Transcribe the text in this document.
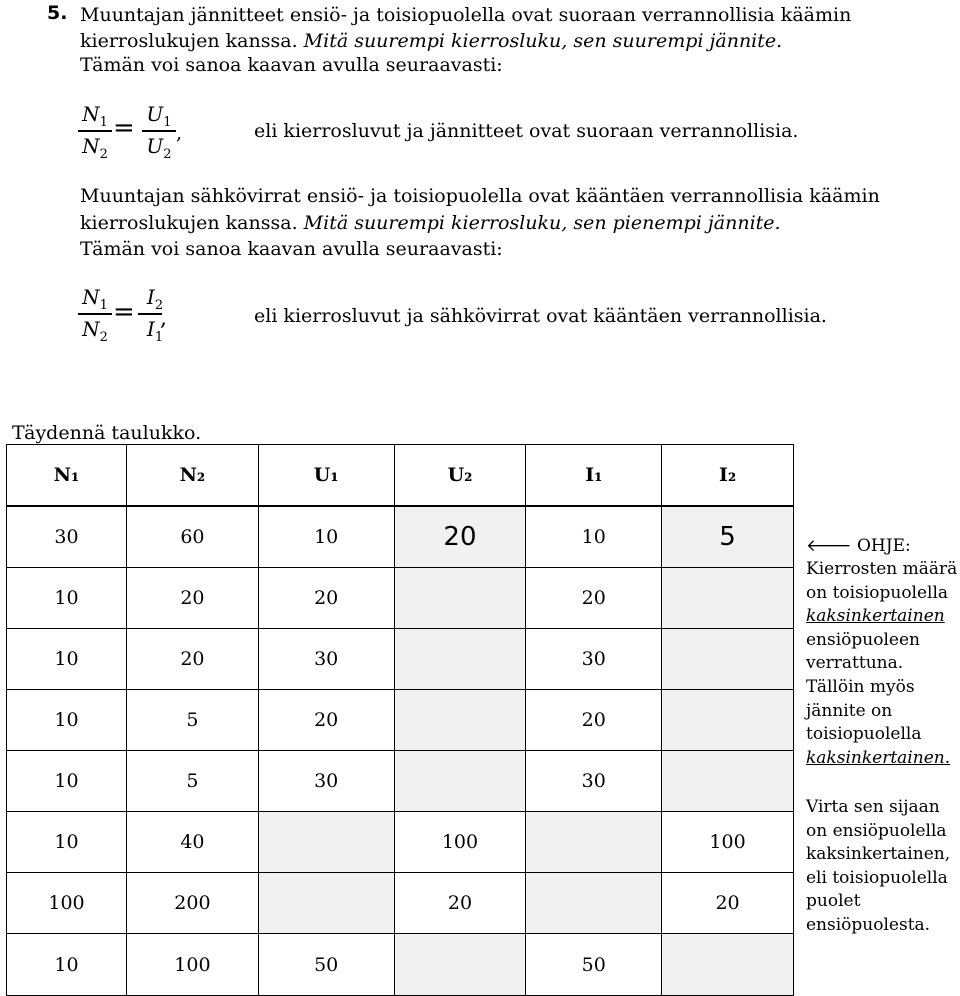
5. Muuntajan jännitteet ensiö- ja toisiopuolella ovat suoraan verrannollisia käämin
kierroslukujen kanssa. Mitä suurempi kierrosluku, sen suurempi jännite.
Tämän voi sanoa kaavan avulla seuraavasti:
$N_1$
$N_2$
= $U_1$
$U_2$
,	eli kierrosluvut ja jännitteet ovat suoraan verrannollisia.
Muuntajan sähkövirrat ensiö- ja toisiopuolella ovat kääntäen verrannollisia käämin
kierroslukujen kanssa. Mitä suurempi kierrosluku, sen pienempi jännite.
Tämän voi sanoa kaavan avulla seuraavasti:
$N_1$
$N_2$
= $I_2$
$I_1$
,	eli kierrosluvut ja sähkövirrat ovat kääntäen verrannollisia.
Täydennä taulukko.
N₁	N₂	U₁	U₂	I₁	I₂
30	60	10	20	10	5
10	20	20		20	
10	20	30		30	
10	5	20		20	
10	5	30		30	
10	40		100		100
100	200		20		20
10	100	50		50	
🡐 OHJE:
Kierrosten määrä
on toisiopuolella
kaksinkertainen
ensiöpuoleen
verrattuna.
Tällöin myös
jännite on
toisiopuolella
kaksinkertainen.
Virta sen sijaan
on ensiöpuolella
kaksinkertainen,
eli toisiopuolella
puolet
ensiöpuolesta.
